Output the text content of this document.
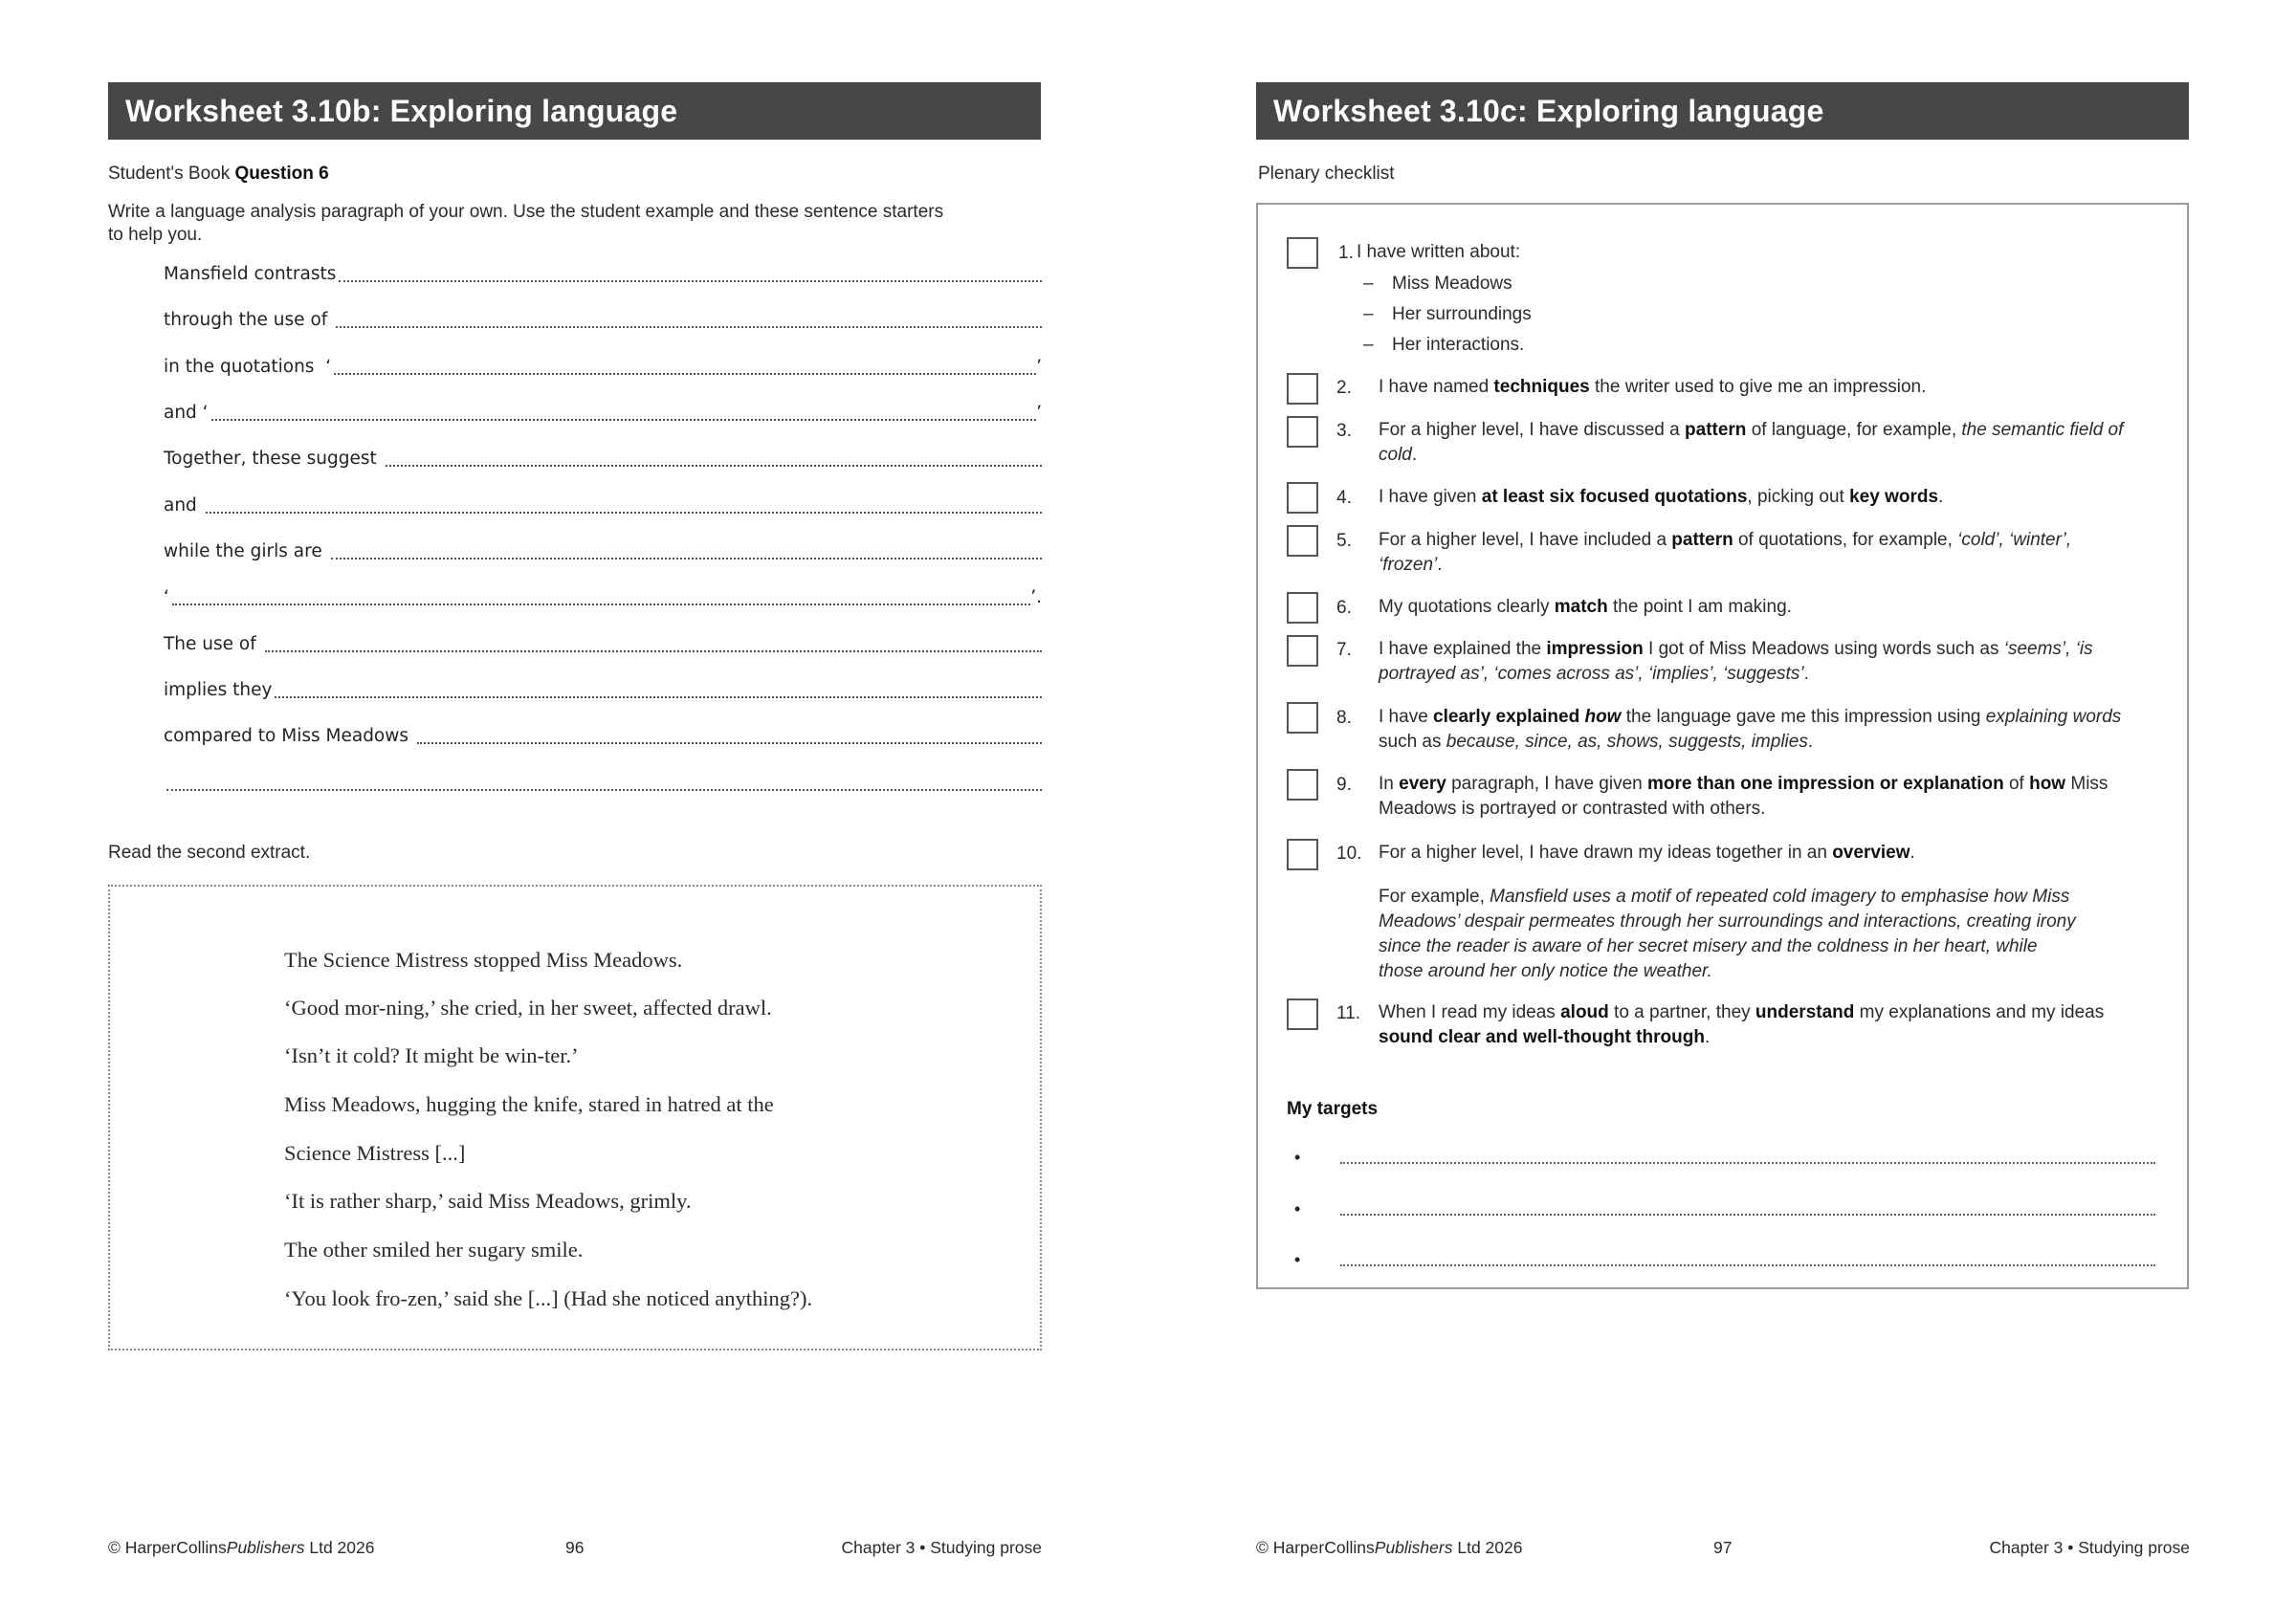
Worksheet 3.10b: Exploring language
Student's Book Question 6
Write a language analysis paragraph of your own. Use the student example and these sentence starters
to help you.
Mansfield contrasts
through the use of
in the quotations  ‘	’
and ‘	’
Together, these suggest
and
while the girls are
‘	’.
The use of
implies they
compared to Miss Meadows
Read the second extract.
The Science Mistress stopped Miss Meadows.
‘Good mor-ning,’ she cried, in her sweet, affected drawl.
‘Isn’t it cold? It might be win-ter.’
Miss Meadows, hugging the knife, stared in hatred at the
Science Mistress [...]
‘It is rather sharp,’ said Miss Meadows, grimly.
The other smiled her sugary smile.
‘You look fro-zen,’ said she [...] (Had she noticed anything?).
© HarperCollinsPublishers Ltd 2026	96	Chapter 3 • Studying prose
Worksheet 3.10c: Exploring language
Plenary checklist
1. I have written about:
– Miss Meadows
– Her surroundings
– Her interactions.
2. I have named techniques the writer used to give me an impression.
3. For a higher level, I have discussed a pattern of language, for example, the semantic field of cold.
4. I have given at least six focused quotations, picking out key words.
5. For a higher level, I have included a pattern of quotations, for example, ‘cold’, ‘winter’, ‘frozen’.
6. My quotations clearly match the point I am making.
7. I have explained the impression I got of Miss Meadows using words such as ‘seems’, ‘is portrayed as’, ‘comes across as’, ‘implies’, ‘suggests’.
8. I have clearly explained how the language gave me this impression using explaining words such as because, since, as, shows, suggests, implies.
9. In every paragraph, I have given more than one impression or explanation of how Miss Meadows is portrayed or contrasted with others.
10. For a higher level, I have drawn my ideas together in an overview.
For example, Mansfield uses a motif of repeated cold imagery to emphasise how Miss Meadows’ despair permeates through her surroundings and interactions, creating irony since the reader is aware of her secret misery and the coldness in her heart, while those around her only notice the weather.
11. When I read my ideas aloud to a partner, they understand my explanations and my ideas sound clear and well-thought through.
My targets
•
•
•
© HarperCollinsPublishers Ltd 2026	97	Chapter 3 • Studying prose
